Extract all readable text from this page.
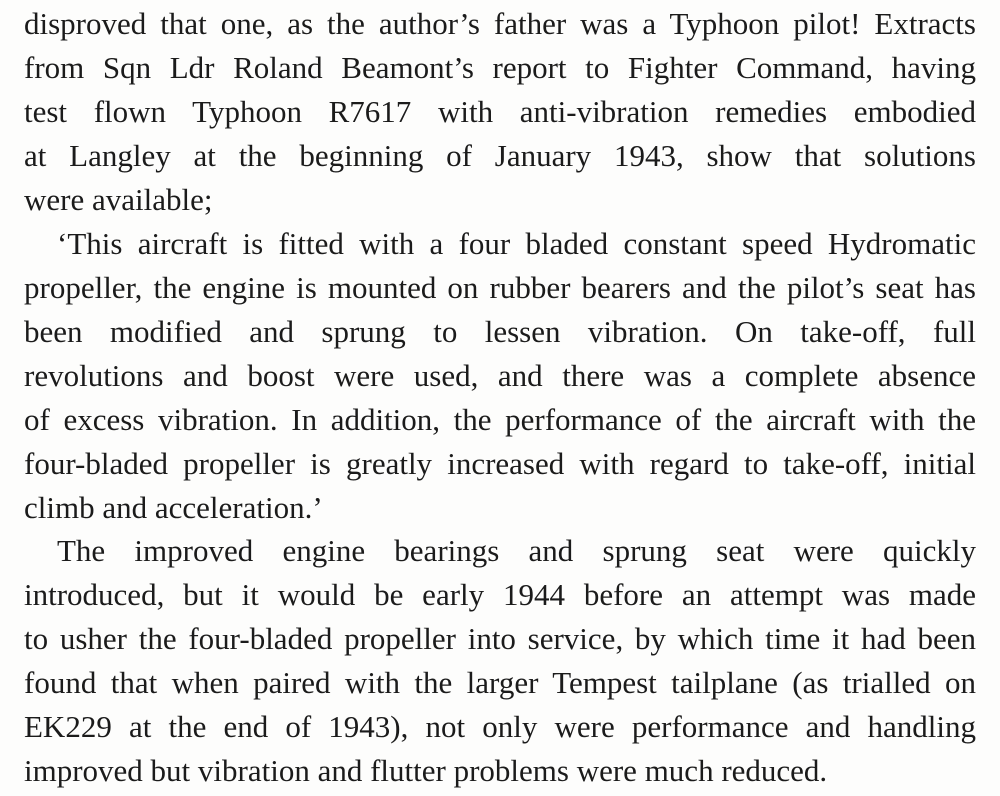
disproved that one, as the author’s father was a Typhoon pilot! Extracts

from Sqn Ldr Roland Beamont’s report to Fighter Command, having

test flown Typhoon R7617 with anti-vibration remedies embodied

at Langley at the beginning of January 1943, show that solutions

were available;

‘This aircraft is fitted with a four bladed constant speed Hydromatic

propeller, the engine is mounted on rubber bearers and the pilot’s seat has

been modified and sprung to lessen vibration. On take-off, full

revolutions and boost were used, and there was a complete absence

of excess vibration. In addition, the performance of the aircraft with the

four-bladed propeller is greatly increased with regard to take-off, initial

climb and acceleration.’

The improved engine bearings and sprung seat were quickly

introduced, but it would be early 1944 before an attempt was made

to usher the four-bladed propeller into service, by which time it had been

found that when paired with the larger Tempest tailplane (as trialled on

EK229 at the end of 1943), not only were performance and handling

improved but vibration and flutter problems were much reduced.
